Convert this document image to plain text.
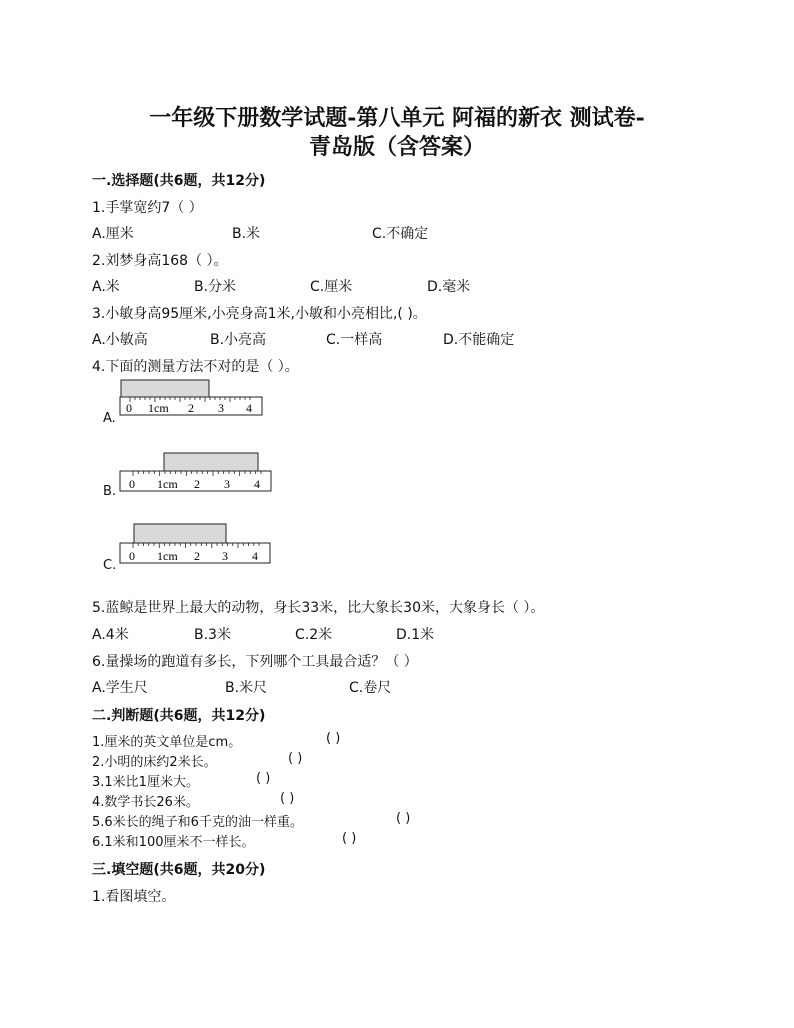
一年级下册数学试题-第八单元 阿福的新衣 测试卷-
青岛版（含答案）
一.选择题(共6题，共12分)
1.手掌宽约7（ ）
A.厘米	B.米	C.不确定
2.刘梦身高168（ ）。
A.米	B.分米	C.厘米	D.毫米
3.小敏身高95厘米,小亮身高1米,小敏和小亮相比,( )。
A.小敏高	B.小亮高	C.一样高	D.不能确定
4.下面的测量方法不对的是（ ）。
0 1cm 2 3 4
A.
0 1cm 2 3 4
B.
0 1cm 2 3 4
C.
5.蓝鲸是世界上最大的动物，身长33米，比大象长30米，大象身长（ ）。
A.4米	B.3米	C.2米	D.1米
6.量操场的跑道有多长，下列哪个工具最合适？（ ）
A.学生尺	B.米尺	C.卷尺
二.判断题(共6题，共12分)
1.厘米的英文单位是cm。	( )
2.小明的床约2米长。	( )
3.1米比1厘米大。	( )
4.数学书长26米。	( )
5.6米长的绳子和6千克的油一样重。	( )
6.1米和100厘米不一样长。	( )
三.填空题(共6题，共20分)
1.看图填空。
